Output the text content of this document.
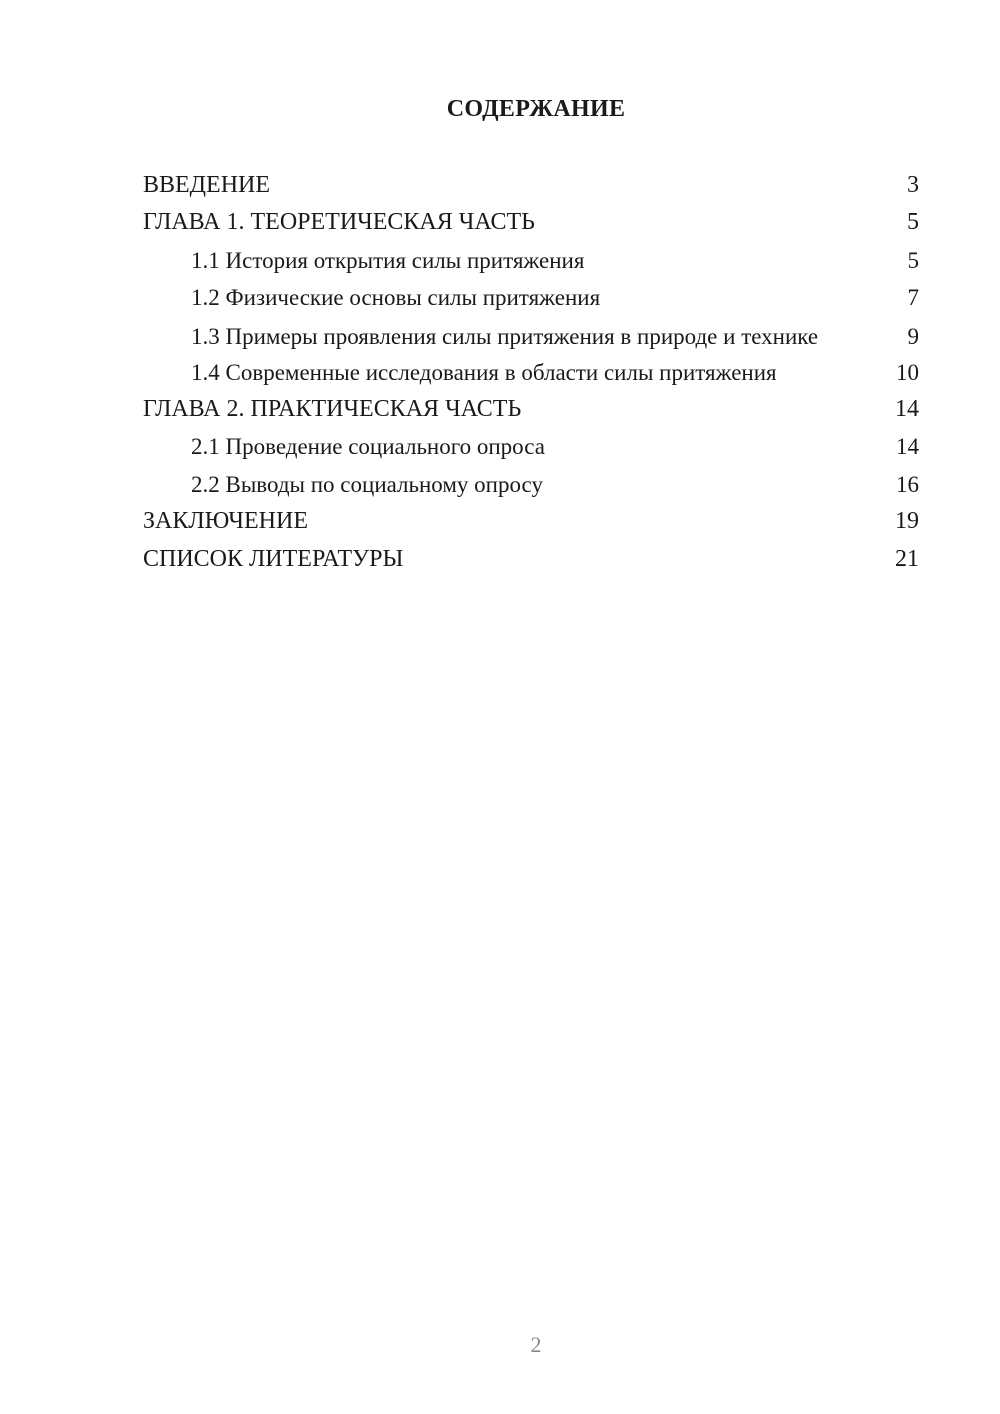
СОДЕРЖАНИЕ
ВВЕДЕНИЕ	3
ГЛАВА 1. ТЕОРЕТИЧЕСКАЯ ЧАСТЬ	5
1.1 История открытия силы притяжения	5
1.2 Физические основы силы притяжения	7
1.3 Примеры проявления силы притяжения в природе и технике	9
1.4 Современные исследования в области силы притяжения	10
ГЛАВА 2. ПРАКТИЧЕСКАЯ ЧАСТЬ	14
2.1 Проведение социального опроса	14
2.2 Выводы по социальному опросу	16
ЗАКЛЮЧЕНИЕ	19
СПИСОК ЛИТЕРАТУРЫ	21
2
